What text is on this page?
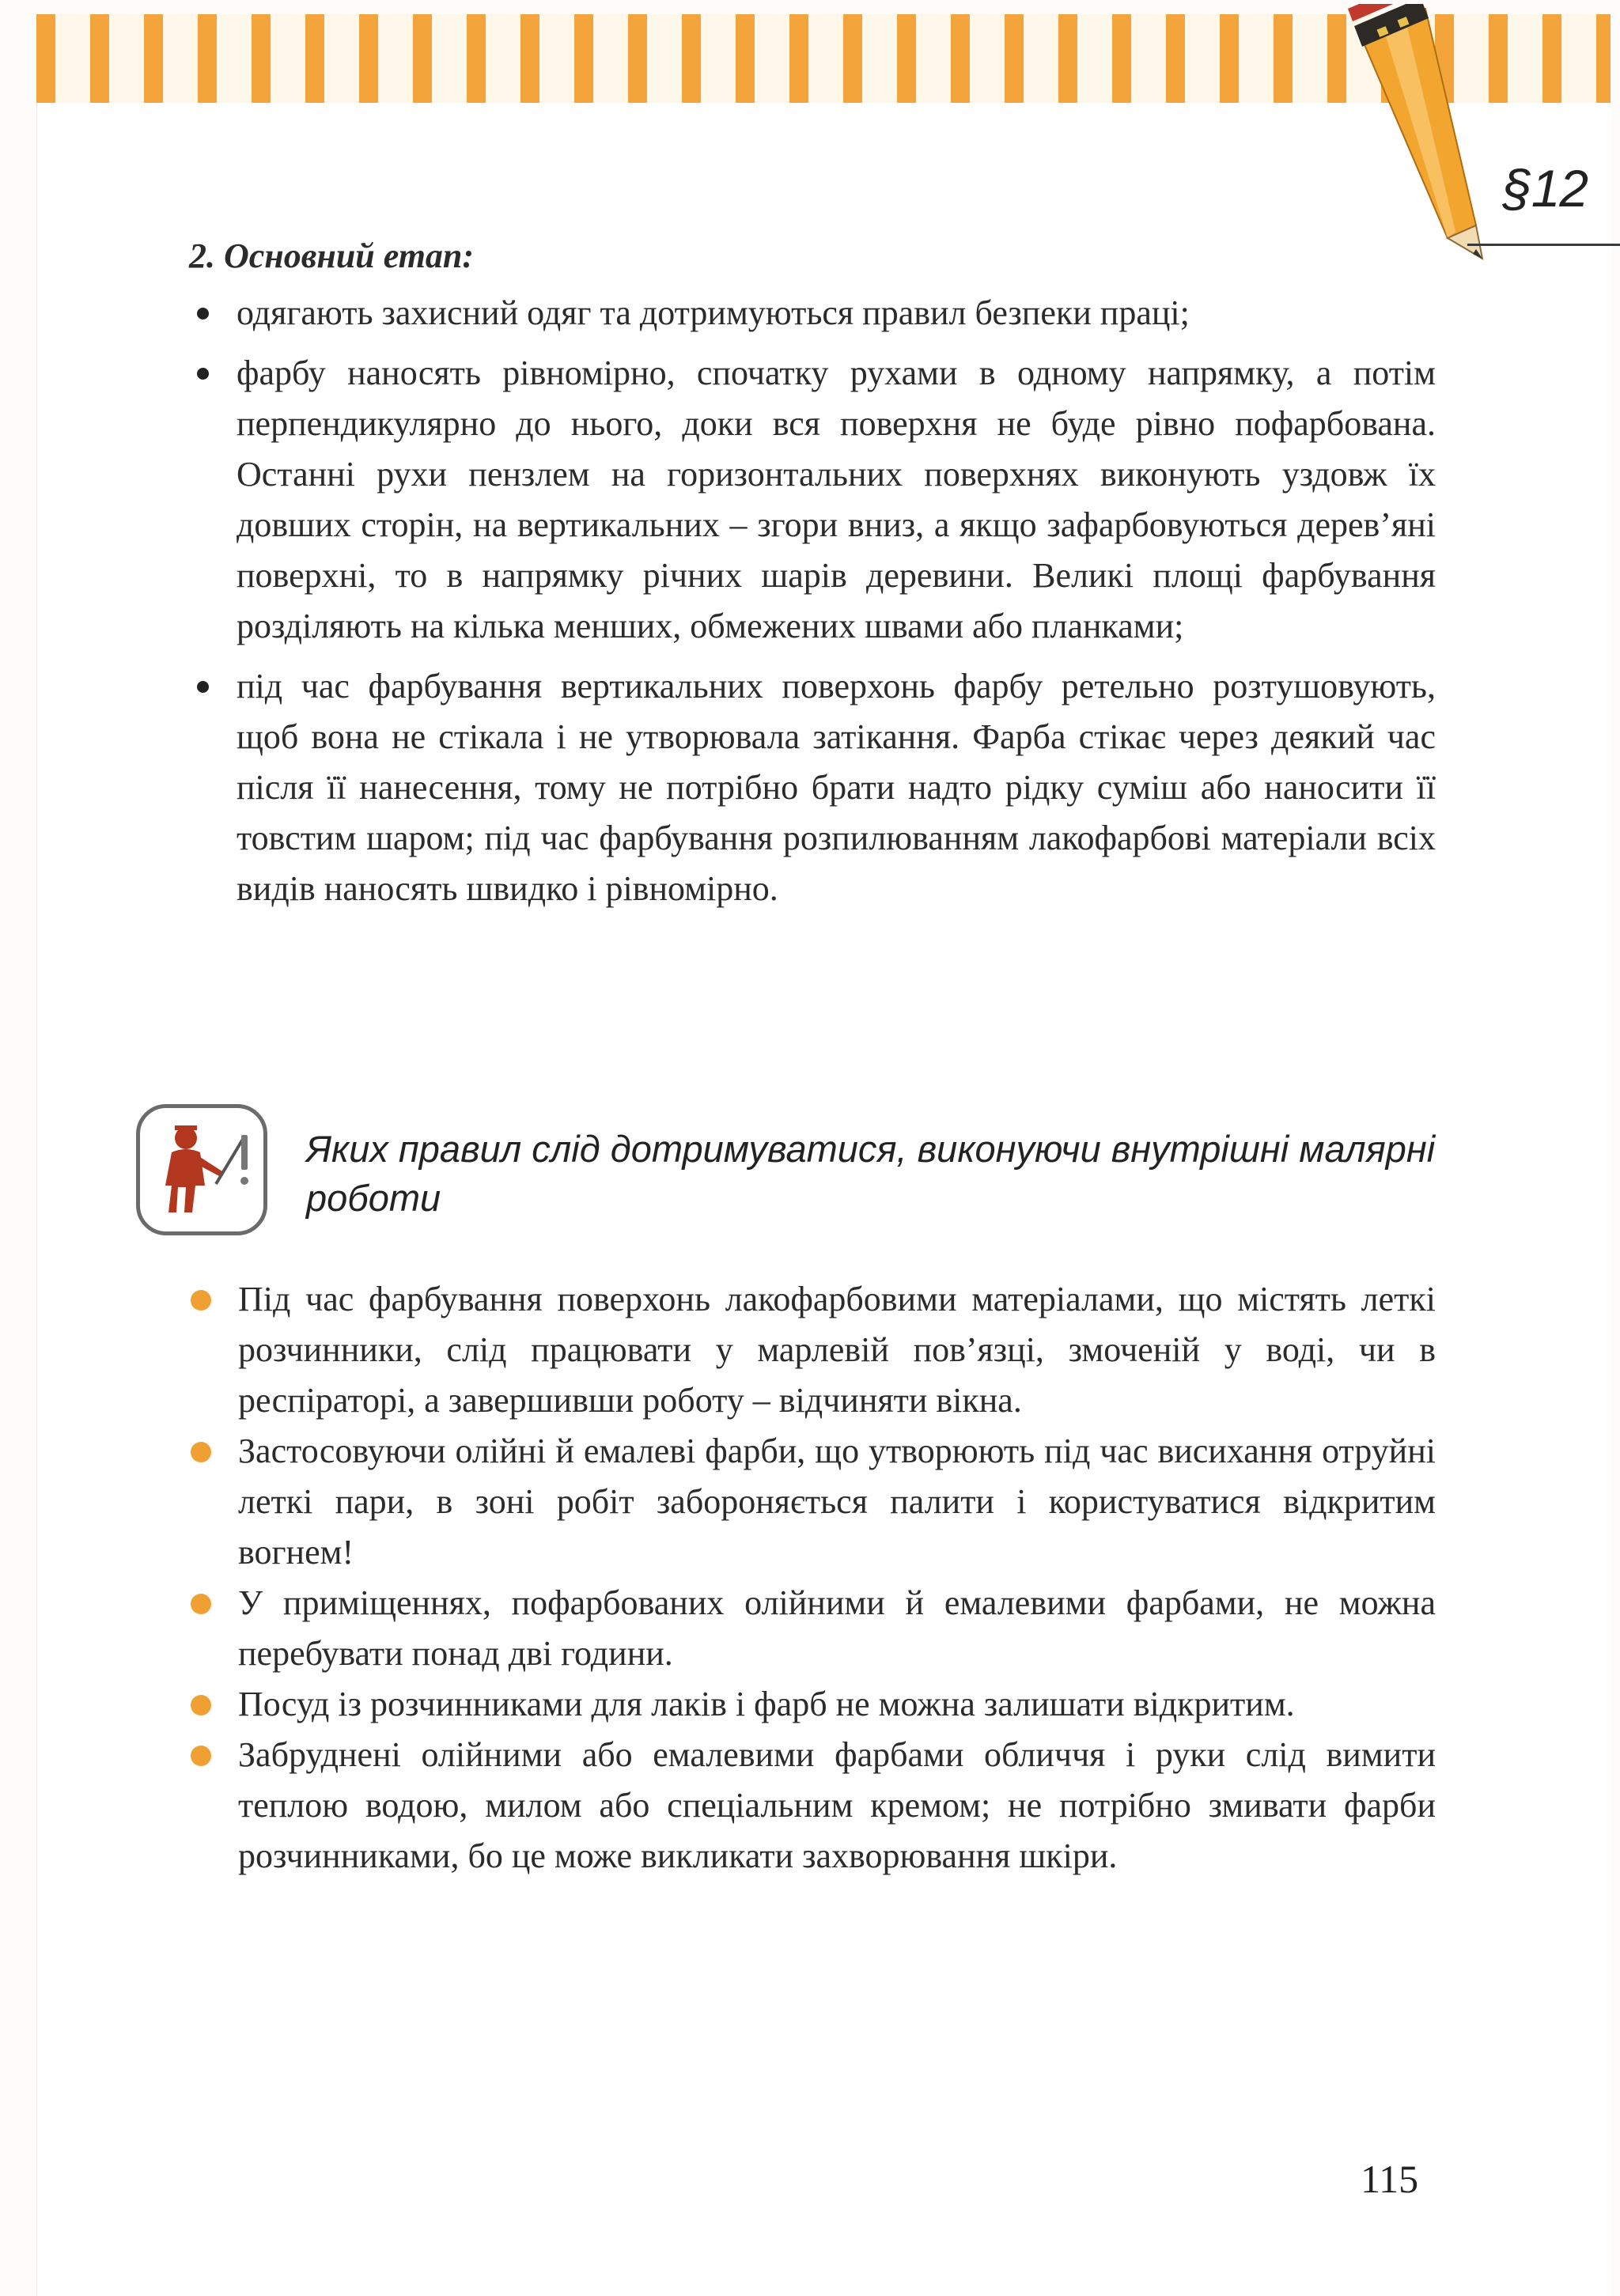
§12
2. Основний етап:
одягають захисний одяг та дотримуються правил безпеки праці;
фарбу наносять рівномірно, спочатку рухами в одному напрямку, а потім перпендикулярно до нього, доки вся поверхня не буде рівно пофарбована. Останні рухи пензлем на горизонтальних поверхнях виконують уздовж їх довших сторін, на вертикальних – згори вниз, а якщо зафарбовуються дерев’яні поверхні, то в напрямку річних шарів деревини. Великі площі фарбування розділяють на кілька менших, обмежених швами або планками;
під час фарбування вертикальних поверхонь фарбу ретельно розтушовують, щоб вона не стікала і не утворювала затікання. Фарба стікає через деякий час після її нанесення, тому не потрібно брати надто рідку суміш або наносити її товстим шаром; під час фарбування розпилюванням лакофарбові матеріали всіх видів наносять швидко і рівномірно.
Яких правил слід дотримуватися, виконуючи внутрішні малярні роботи
Під час фарбування поверхонь лакофарбовими матеріалами, що містять леткі розчинники, слід працювати у марлевій пов’язці, змоченій у воді, чи в респіраторі, а завершивши роботу – відчиняти вікна.
Застосовуючи олійні й емалеві фарби, що утворюють під час висихання отруйні леткі пари, в зоні робіт забороняється палити і користуватися відкритим вогнем!
У приміщеннях, пофарбованих олійними й емалевими фарбами, не можна перебувати понад дві години.
Посуд із розчинниками для лаків і фарб не можна залишати відкритим.
Забруднені олійними або емалевими фарбами обличчя і руки слід вимити теплою водою, милом або спеціальним кремом; не потрібно змивати фарби розчинниками, бо це може викликати захворювання шкіри.
115
